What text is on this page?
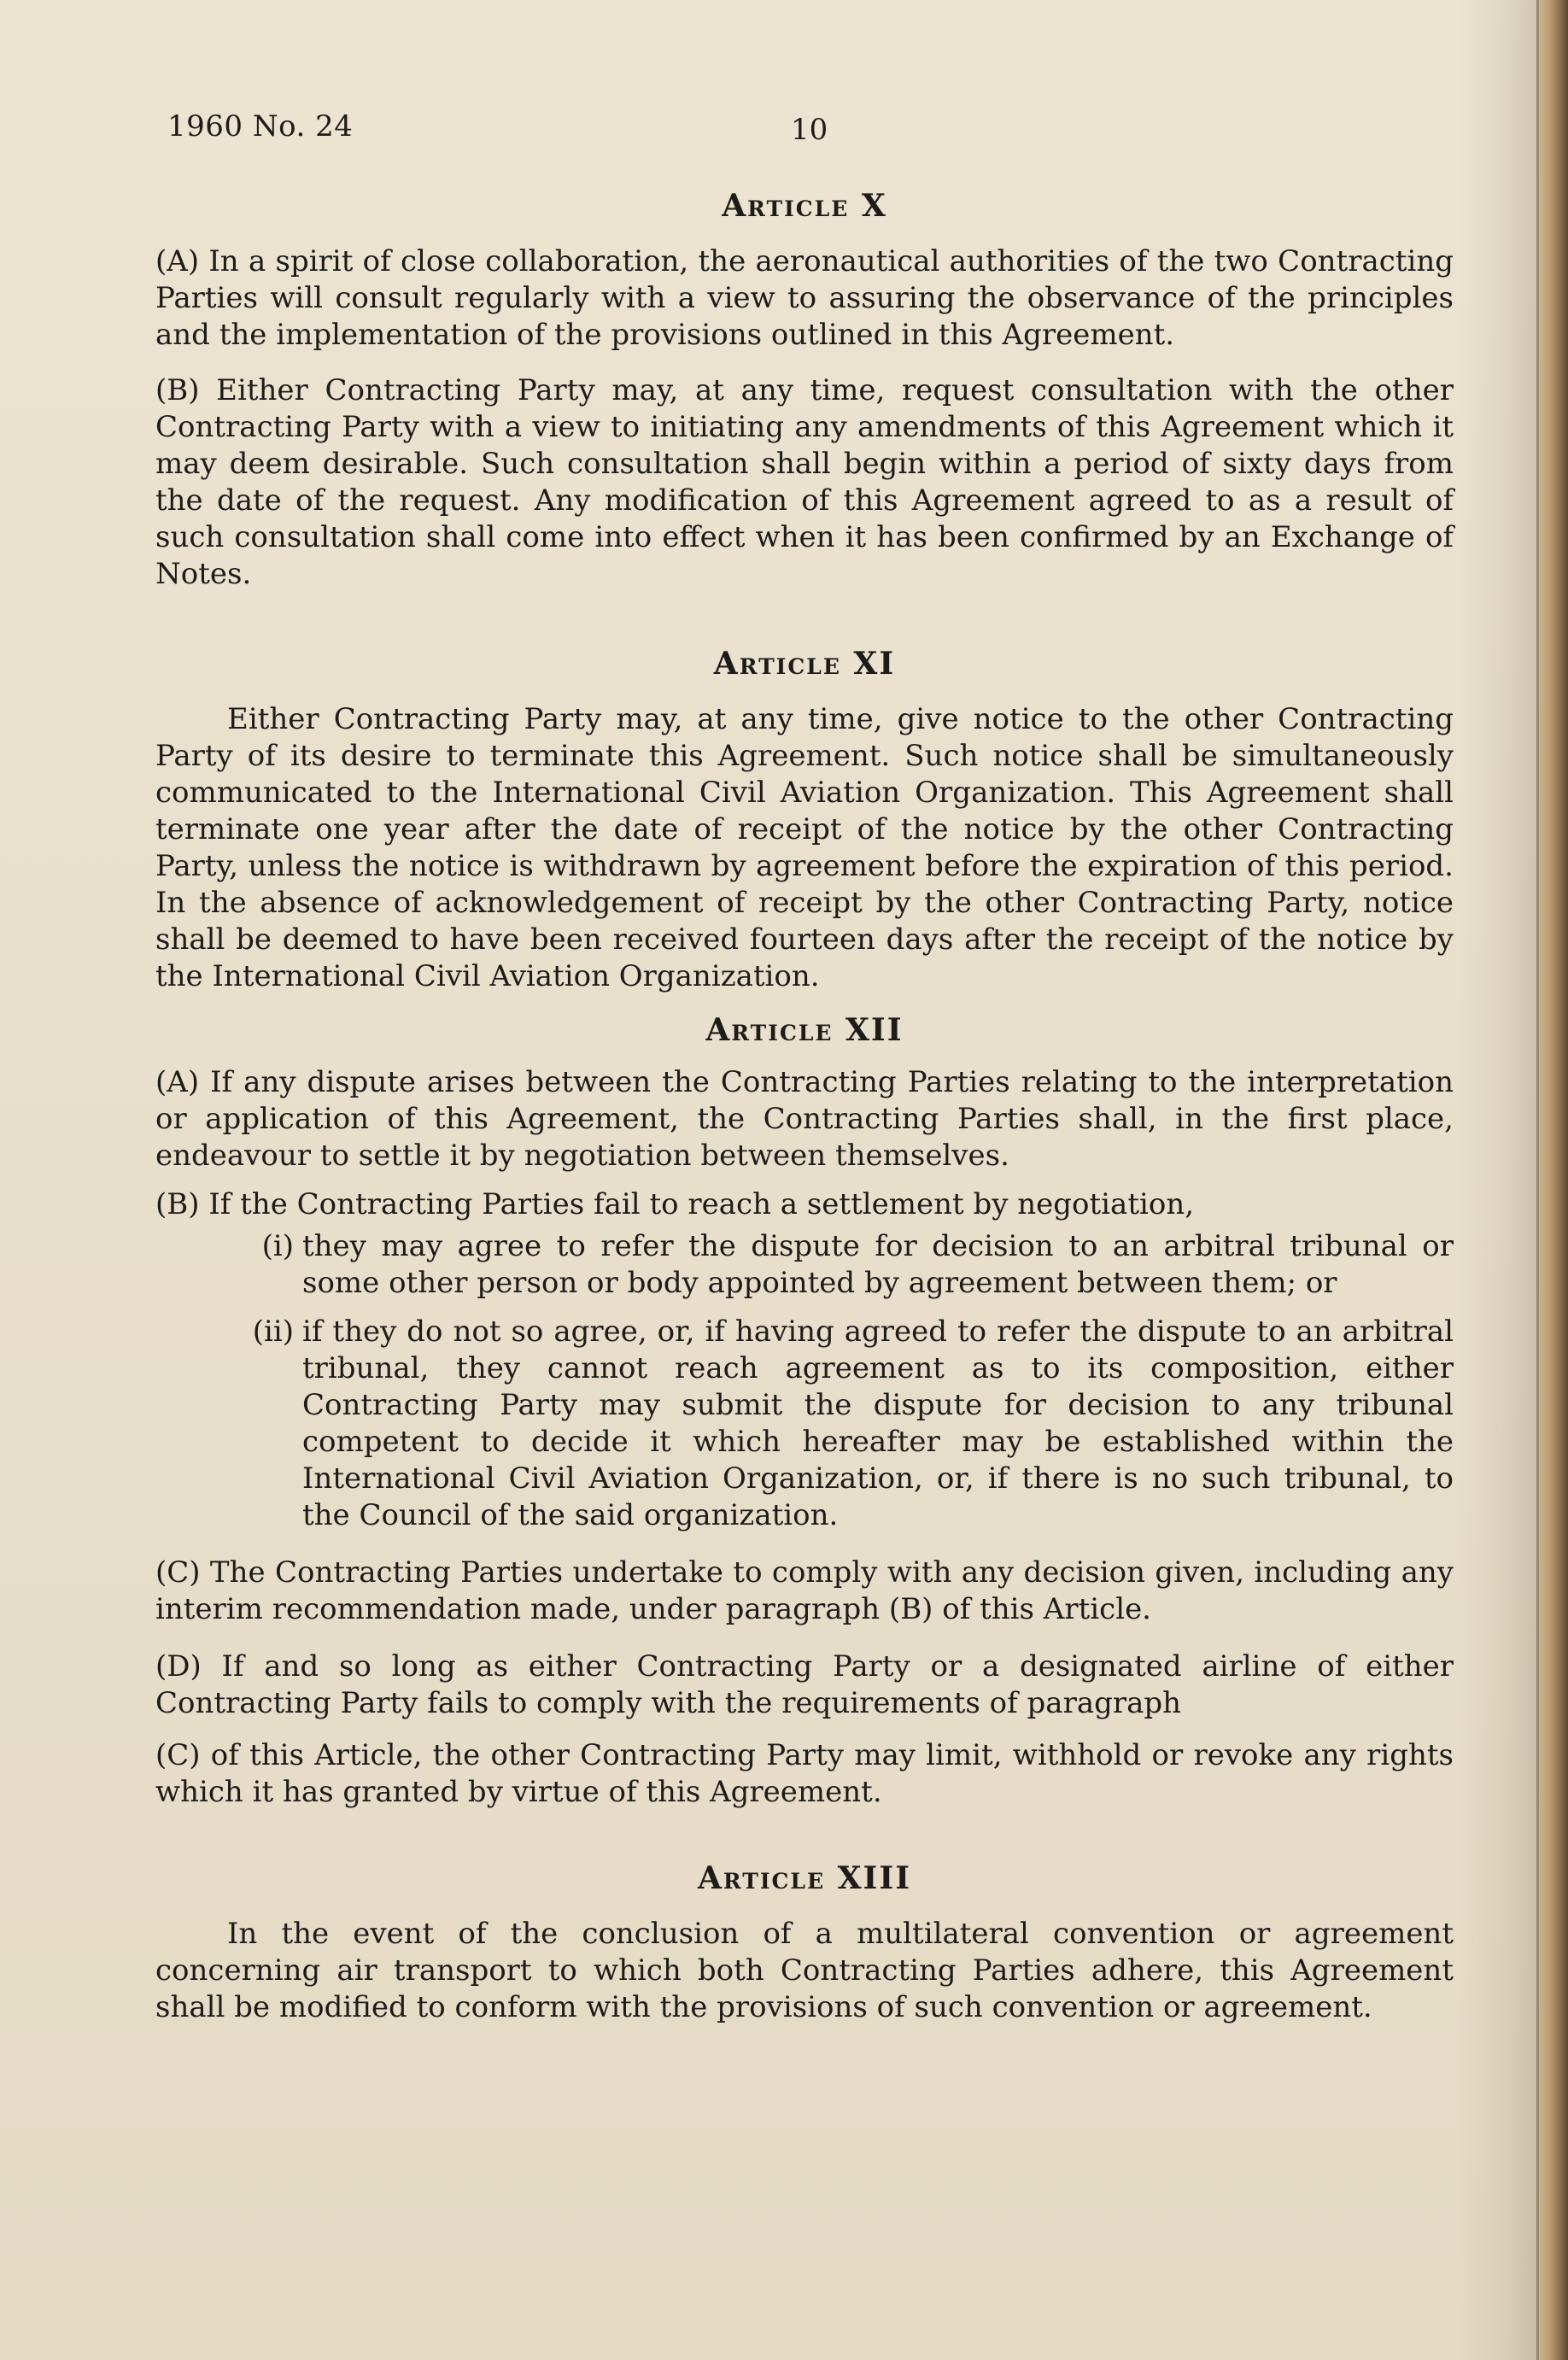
1960 No. 24	10
Article X

(A) In a spirit of close collaboration, the aeronautical authorities of the two Contracting Parties will consult regularly with a view to assuring the observance of the principles and the implementation of the provisions outlined in this Agreement.

(B) Either Contracting Party may, at any time, request consultation with the other Contracting Party with a view to initiating any amendments of this Agreement which it may deem desirable. Such consultation shall begin within a period of sixty days from the date of the request. Any modification of this Agreement agreed to as a result of such consultation shall come into effect when it has been confirmed by an Exchange of Notes.

Article XI

Either Contracting Party may, at any time, give notice to the other Contracting Party of its desire to terminate this Agreement. Such notice shall be simultaneously communicated to the International Civil Aviation Organization. This Agreement shall terminate one year after the date of receipt of the notice by the other Contracting Party, unless the notice is withdrawn by agreement before the expiration of this period. In the absence of acknowledgement of receipt by the other Contracting Party, notice shall be deemed to have been received fourteen days after the receipt of the notice by the International Civil Aviation Organization.

Article XII

(A) If any dispute arises between the Contracting Parties relating to the interpretation or application of this Agreement, the Contracting Parties shall, in the first place, endeavour to settle it by negotiation between themselves.

(B) If the Contracting Parties fail to reach a settlement by negotiation,

(i) they may agree to refer the dispute for decision to an arbitral tribunal or some other person or body appointed by agreement between them; or
(ii) if they do not so agree, or, if having agreed to refer the dispute to an arbitral tribunal, they cannot reach agreement as to its composition, either Contracting Party may submit the dispute for decision to any tribunal competent to decide it which hereafter may be established within the International Civil Aviation Organization, or, if there is no such tribunal, to the Council of the said organization.

(C) The Contracting Parties undertake to comply with any decision given, including any interim recommendation made, under paragraph (B) of this Article.

(D) If and so long as either Contracting Party or a designated airline of either Contracting Party fails to comply with the requirements of paragraph

(C) of this Article, the other Contracting Party may limit, withhold or revoke any rights which it has granted by virtue of this Agreement.

Article XIII

In the event of the conclusion of a multilateral convention or agreement concerning air transport to which both Contracting Parties adhere, this Agreement shall be modified to conform with the provisions of such convention or agreement.
